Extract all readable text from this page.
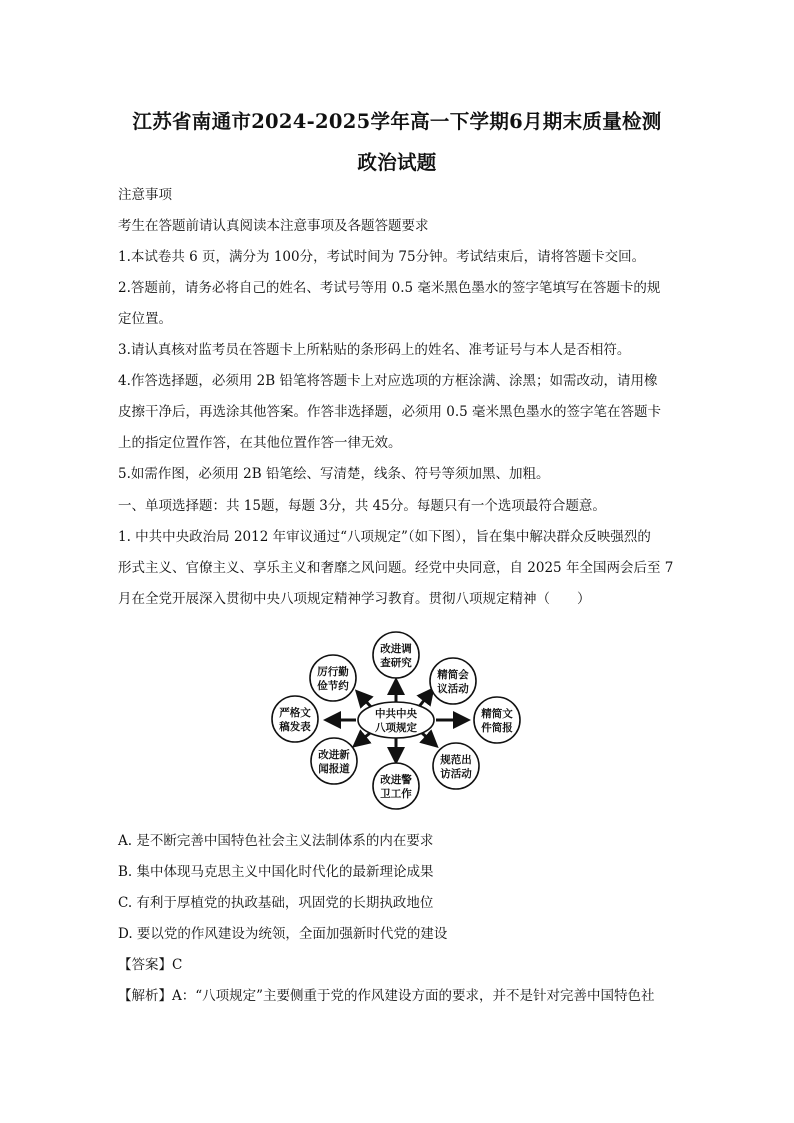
江苏省南通市2024-2025学年高一下学期6月期末质量检测
政治试题
注意事项
考生在答题前请认真阅读本注意事项及各题答题要求
1.本试卷共 6 页，满分为 100分，考试时间为 75分钟。考试结束后，请将答题卡交回。
2.答题前，请务必将自己的姓名、考试号等用 0.5 毫米黑色墨水的签字笔填写在答题卡的规
定位置。
3.请认真核对监考员在答题卡上所粘贴的条形码上的姓名、准考证号与本人是否相符。
4.作答选择题，必须用 2B 铅笔将答题卡上对应选项的方框涂满、涂黑；如需改动，请用橡
皮擦干净后，再选涂其他答案。作答非选择题，必须用 0.5 毫米黑色墨水的签字笔在答题卡
上的指定位置作答，在其他位置作答一律无效。
5.如需作图，必须用 2B 铅笔绘、写清楚，线条、符号等须加黑、加粗。
一、单项选择题：共 15题，每题 3分，共 45分。每题只有一个选项最符合题意。
1. 中共中央政治局 2012 年审议通过“八项规定”（如下图），旨在集中解决群众反映强烈的
形式主义、官僚主义、享乐主义和奢靡之风问题。经党中央同意，自 2025 年全国两会后至 7
月在全党开展深入贯彻中央八项规定精神学习教育。贯彻八项规定精神（　　）
中共中央
八项规定
改进调
查研究
精简会
议活动
精简文
件简报
规范出
访活动
改进警
卫工作
改进新
闻报道
严格文
稿发表
厉行勤
俭节约
A. 是不断完善中国特色社会主义法制体系的内在要求
B. 集中体现马克思主义中国化时代化的最新理论成果
C. 有利于厚植党的执政基础，巩固党的长期执政地位
D. 要以党的作风建设为统领，全面加强新时代党的建设
【答案】C
【解析】A：“八项规定”主要侧重于党的作风建设方面的要求，并不是针对完善中国特色社
